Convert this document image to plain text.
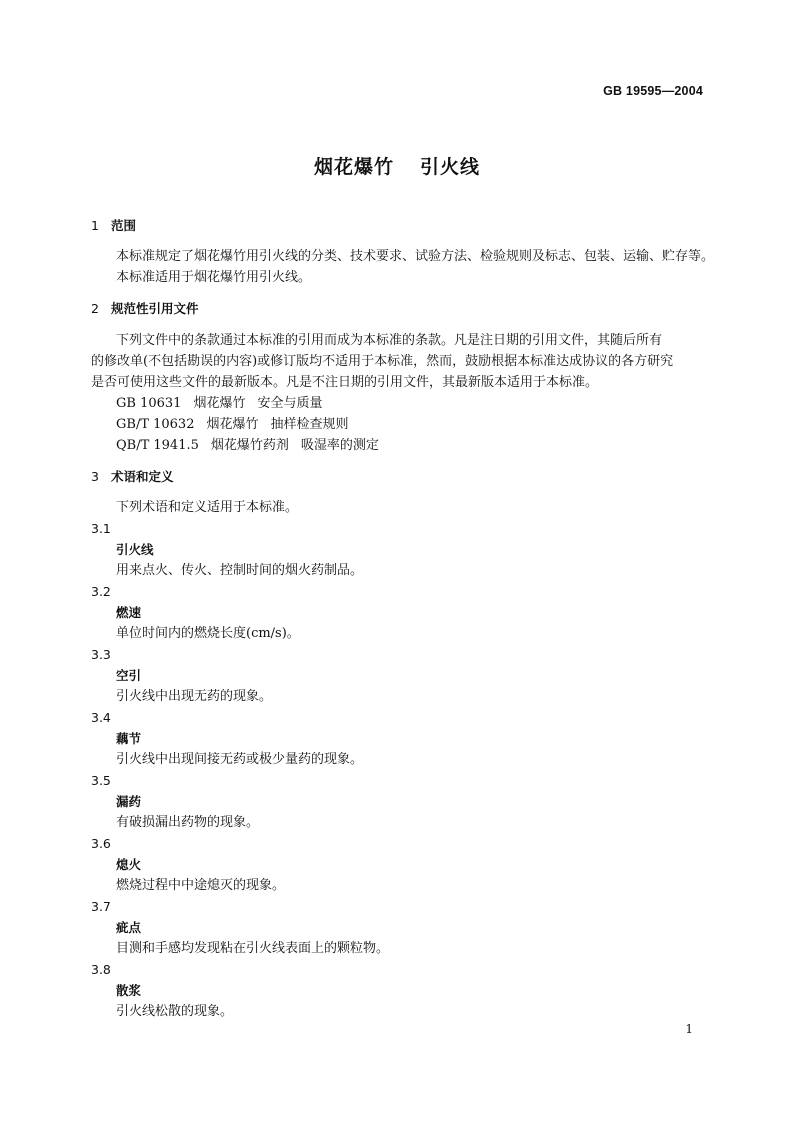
GB 19595—2004
烟花爆竹 引火线
1 范围
本标准规定了烟花爆竹用引火线的分类、技术要求、试验方法、检验规则及标志、包装、运输、贮存等。
本标准适用于烟花爆竹用引火线。
2 规范性引用文件
下列文件中的条款通过本标准的引用而成为本标准的条款。凡是注日期的引用文件，其随后所有
的修改单(不包括勘误的内容)或修订版均不适用于本标准，然而，鼓励根据本标准达成协议的各方研究
是否可使用这些文件的最新版本。凡是不注日期的引用文件，其最新版本适用于本标准。
GB 10631 烟花爆竹 安全与质量
GB/T 10632 烟花爆竹 抽样检查规则
QB/T 1941.5 烟花爆竹药剂 吸湿率的测定
3 术语和定义
下列术语和定义适用于本标准。
3.1
引火线
用来点火、传火、控制时间的烟火药制品。
3.2
燃速
单位时间内的燃烧长度(cm/s)。
3.3
空引
引火线中出现无药的现象。
3.4
藕节
引火线中出现间接无药或极少量药的现象。
3.5
漏药
有破损漏出药物的现象。
3.6
熄火
燃烧过程中中途熄灭的现象。
3.7
疵点
目测和手感均发现粘在引火线表面上的颗粒物。
3.8
散浆
引火线松散的现象。
1
